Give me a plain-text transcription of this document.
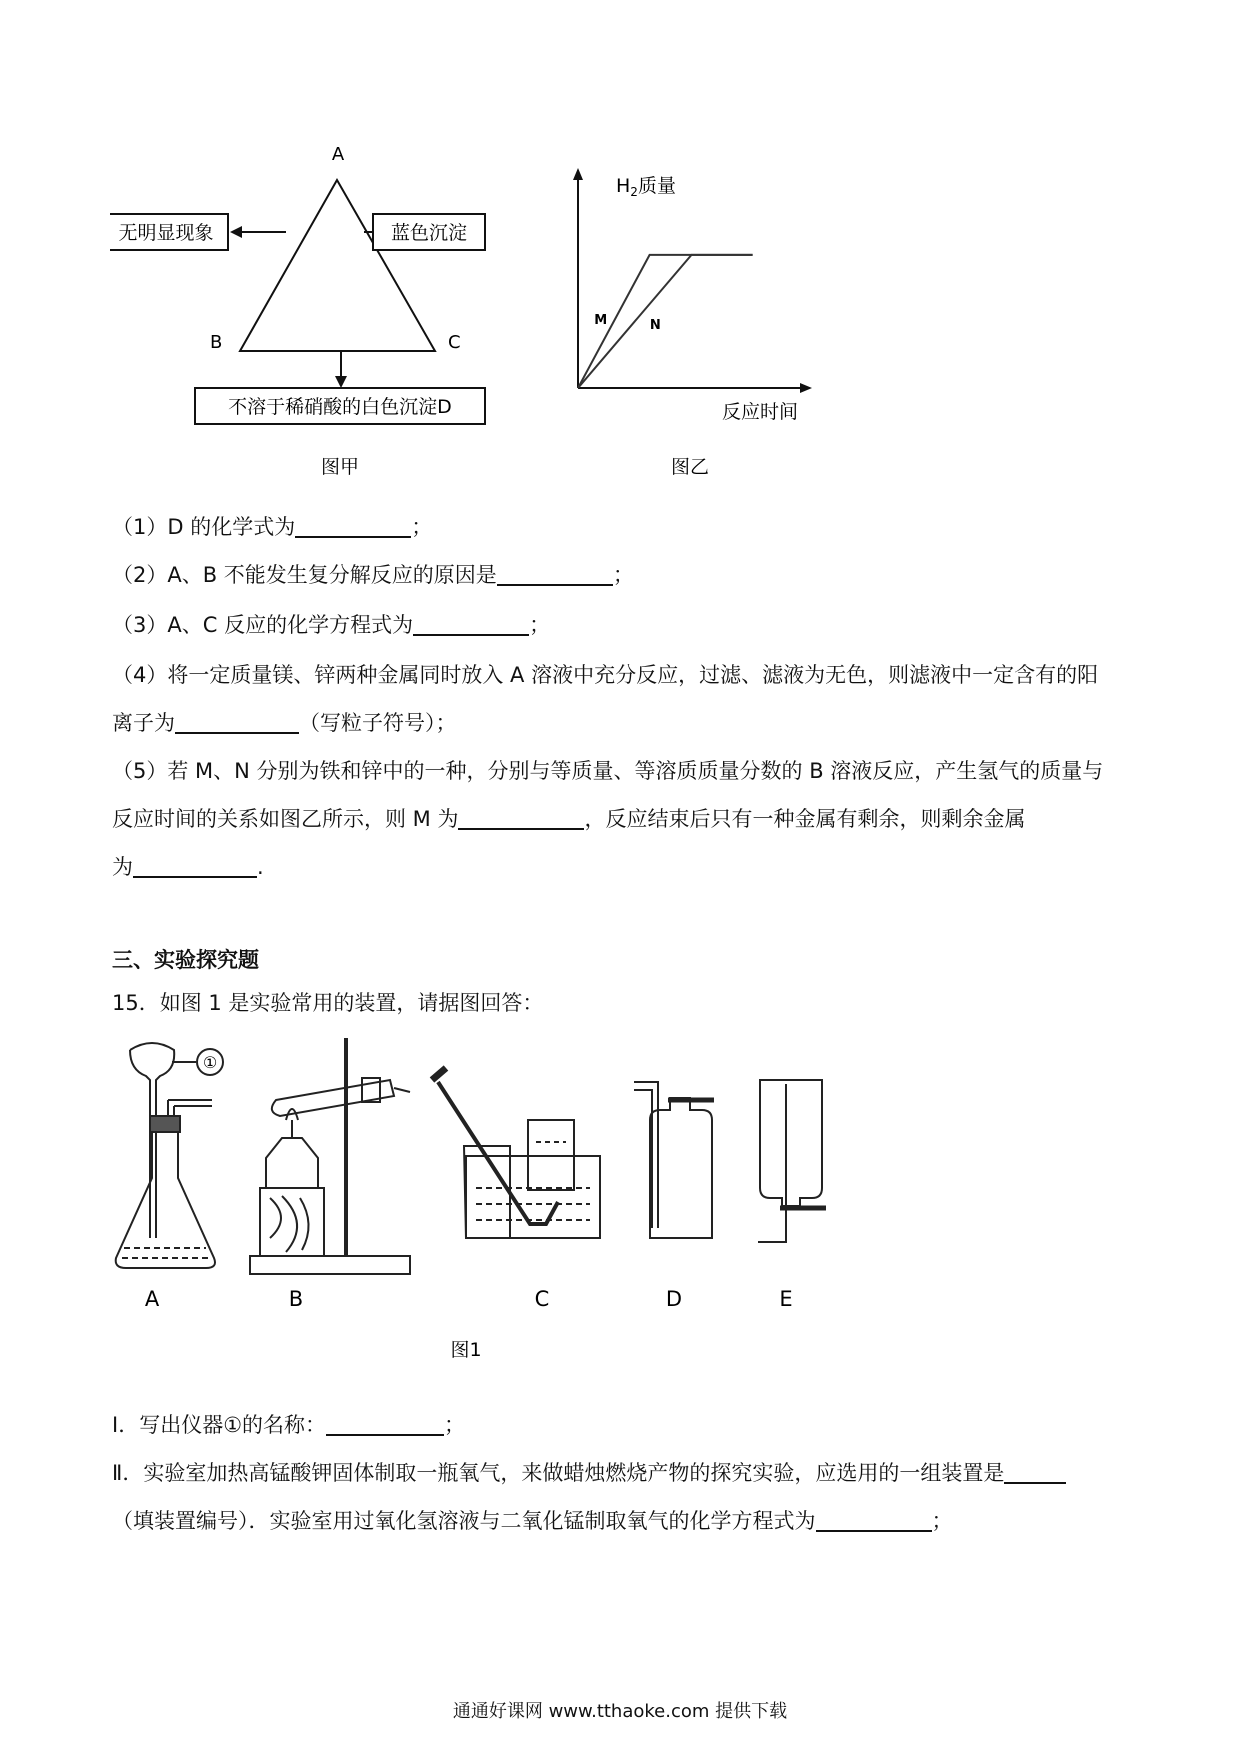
A
B	C
无明显现象	蓝色沉淀
不溶于稀硝酸的白色沉淀D
图甲
$H_2$质量
反应时间
M	N
图乙
（1）D 的化学式为	；
（2）A、B 不能发生复分解反应的原因是	；
（3）A、C 反应的化学方程式为	；
（4）将一定质量镁、锌两种金属同时放入 A 溶液中充分反应，过滤、滤液为无色，则滤液中一定含有的阳
离子为	（写粒子符号）；
（5）若 M、N 分别为铁和锌中的一种，分别与等质量、等溶质质量分数的 B 溶液反应，产生氢气的质量与
反应时间的关系如图乙所示，则 M 为	，反应结束后只有一种金属有剩余，则剩余金属
为	.
三、实验探究题
15．如图 1 是实验常用的装置，请据图回答：
①
A	B	C	D	E
图1
Ⅰ．写出仪器①的名称：	；
Ⅱ．实验室加热高锰酸钾固体制取一瓶氧气，来做蜡烛燃烧产物的探究实验，应选用的一组装置是
（填装置编号）．实验室用过氧化氢溶液与二氧化锰制取氧气的化学方程式为	；
通通好课网 www.tthaoke.com 提供下载
